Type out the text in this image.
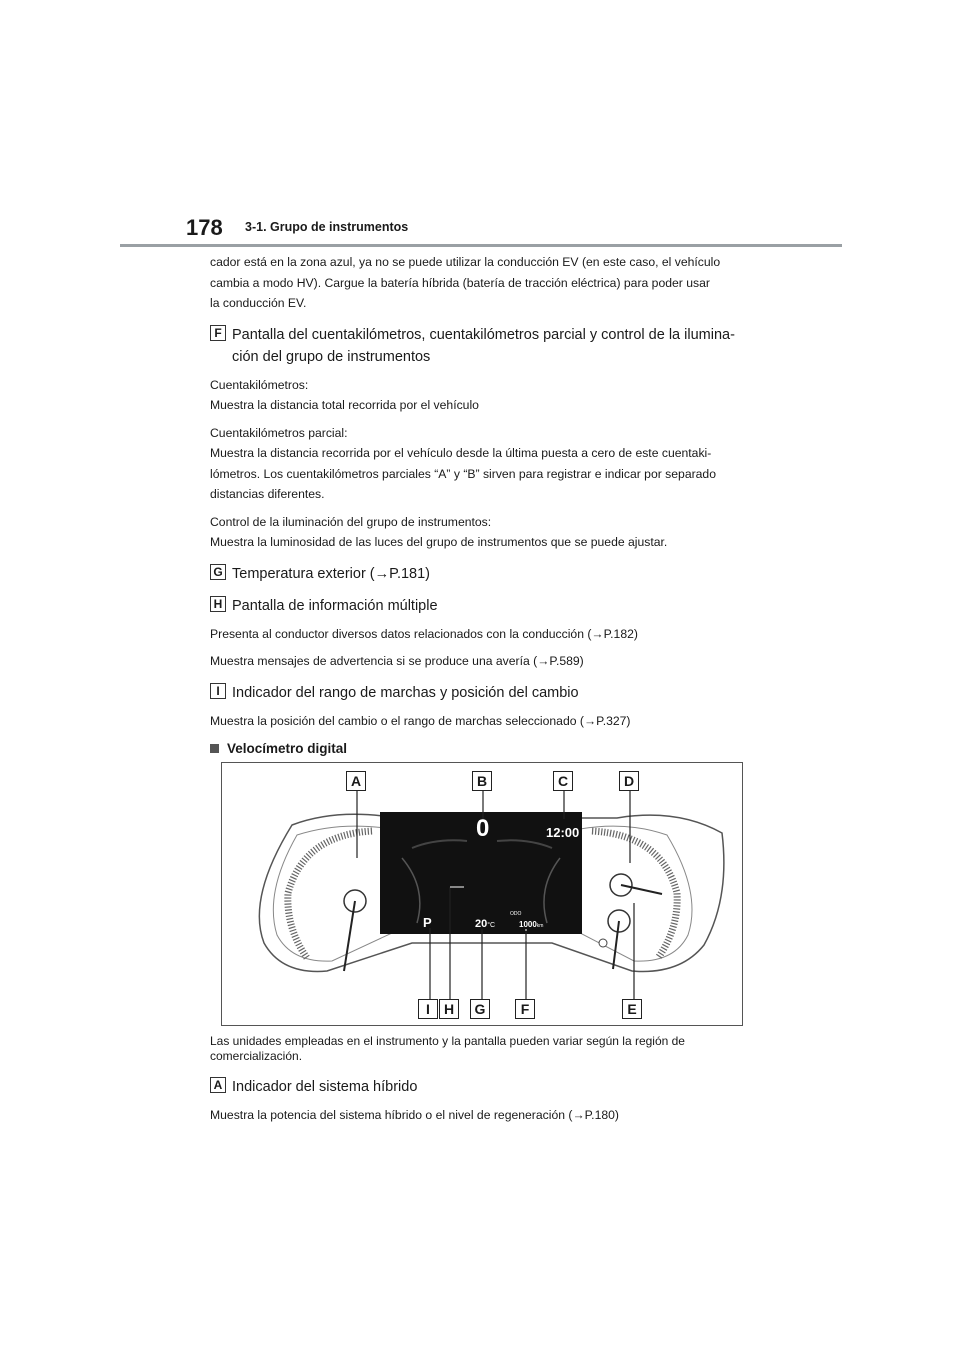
178 3-1. Grupo de instrumentos

cador está en la zona azul, ya no se puede utilizar la conducción EV (en este caso, el vehículo

cambia a modo HV). Cargue la batería híbrida (batería de tracción eléctrica) para poder usar

la conducción EV.

F Pantalla del cuentakilómetros, cuentakilómetros parcial y control de la ilumina-
ción del grupo de instrumentos

Cuentakilómetros:

Muestra la distancia total recorrida por el vehículo

Cuentakilómetros parcial:

Muestra la distancia recorrida por el vehículo desde la última puesta a cero de este cuentaki-

lómetros. Los cuentakilómetros parciales “A” y “B” sirven para registrar e indicar por separado

distancias diferentes.

Control de la iluminación del grupo de instrumentos:

Muestra la luminosidad de las luces del grupo de instrumentos que se puede ajustar.

G Temperatura exterior (→P.181)
H Pantalla de información múltiple

Presenta al conductor diversos datos relacionados con la conducción (→P.182)

Muestra mensajes de advertencia si se produce una avería (→P.589)

I Indicador del rango de marchas y posición del cambio

Muestra la posición del cambio o el rango de marchas seleccionado (→P.327)

Velocímetro digital
0	12:00
P	20°C
ODO
1000km
A	B	C	D
I	H	G	F	E

Las unidades empleadas en el instrumento y la pantalla pueden variar según la región de

comercialización.

A Indicador del sistema híbrido

Muestra la potencia del sistema híbrido o el nivel de regeneración (→P.180)
